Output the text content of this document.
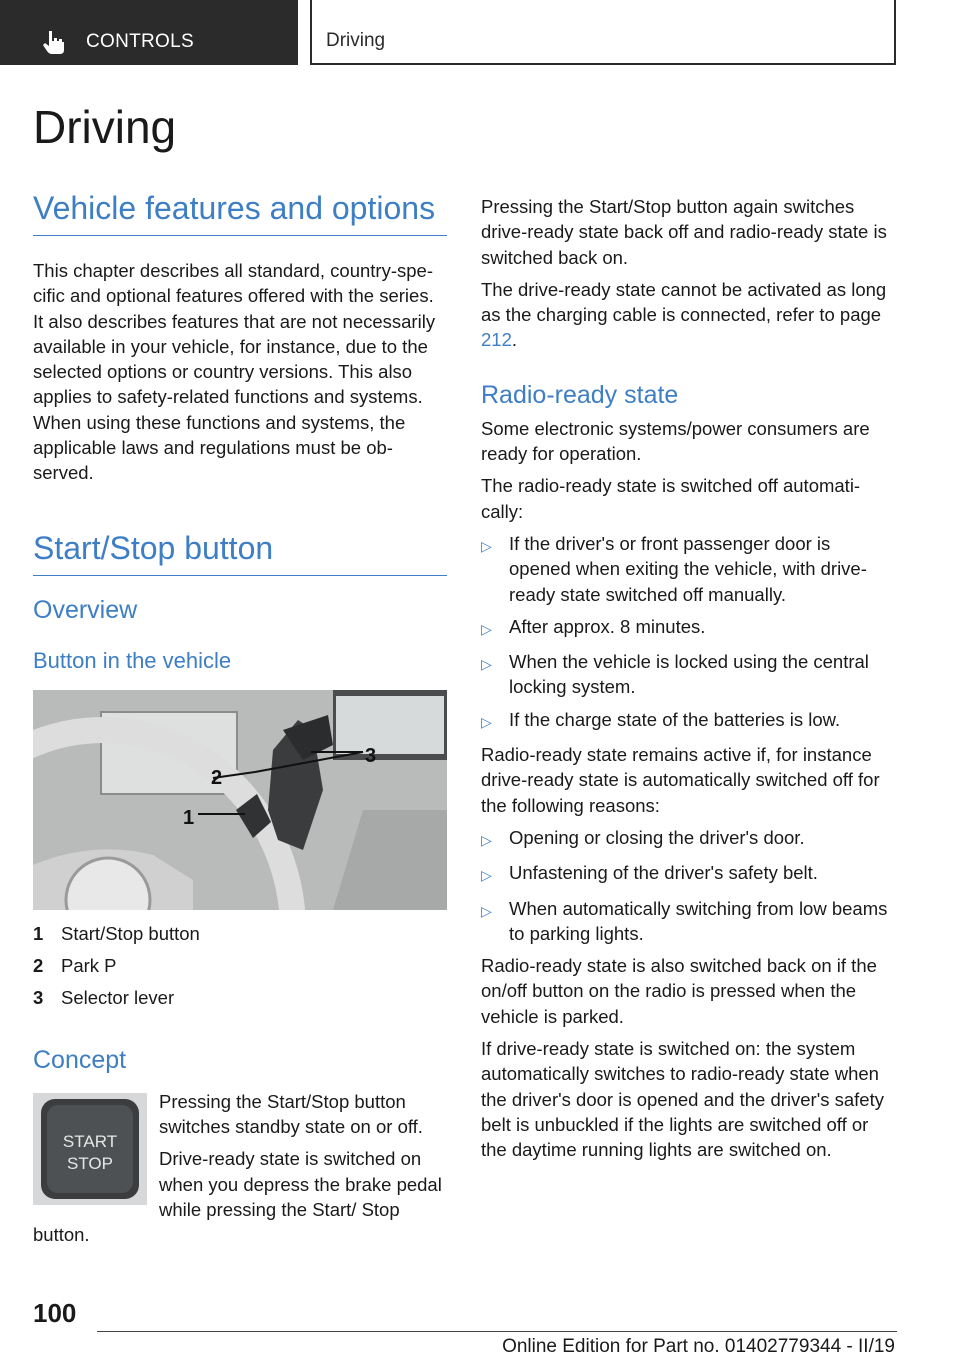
CONTROLS	Driving
Driving
Vehicle features and options

This chapter describes all standard, country-spe-cific and optional features offered with the series. It also describes features that are not necessarily available in your vehicle, for instance, due to the selected options or country versions. This also applies to safety-related functions and systems. When using these functions and systems, the applicable laws and regulations must be ob-served.

Start/Stop button
Overview
Button in the vehicle
2
1
3
1 Start/Stop button
2 Park P
3 Selector lever
Concept
START
STOP

Pressing the Start/Stop button switches standby state on or off.

Drive-ready state is switched on when you depress the brake pedal while pressing the Start/ Stop button.

Pressing the Start/Stop button again switches drive-ready state back off and radio-ready state is switched back on.

The drive-ready state cannot be activated as long as the charging cable is connected, refer to page 212.

Radio-ready state

Some electronic systems/power consumers are ready for operation.

The radio-ready state is switched off automati-cally:

▷ If the driver's or front passenger door is opened when exiting the vehicle, with drive-ready state switched off manually.
▷ After approx. 8 minutes.
▷ When the vehicle is locked using the central locking system.
▷ If the charge state of the batteries is low.

Radio-ready state remains active if, for instance drive-ready state is automatically switched off for the following reasons:

▷ Opening or closing the driver's door.
▷ Unfastening of the driver's safety belt.
▷ When automatically switching from low beams to parking lights.

Radio-ready state is also switched back on if the on/off button on the radio is pressed when the vehicle is parked.

If drive-ready state is switched on: the system automatically switches to radio-ready state when the driver's door is opened and the driver's safety belt is unbuckled if the lights are switched off or the daytime running lights are switched on.

100
Online Edition for Part no. 01402779344 - II/19
